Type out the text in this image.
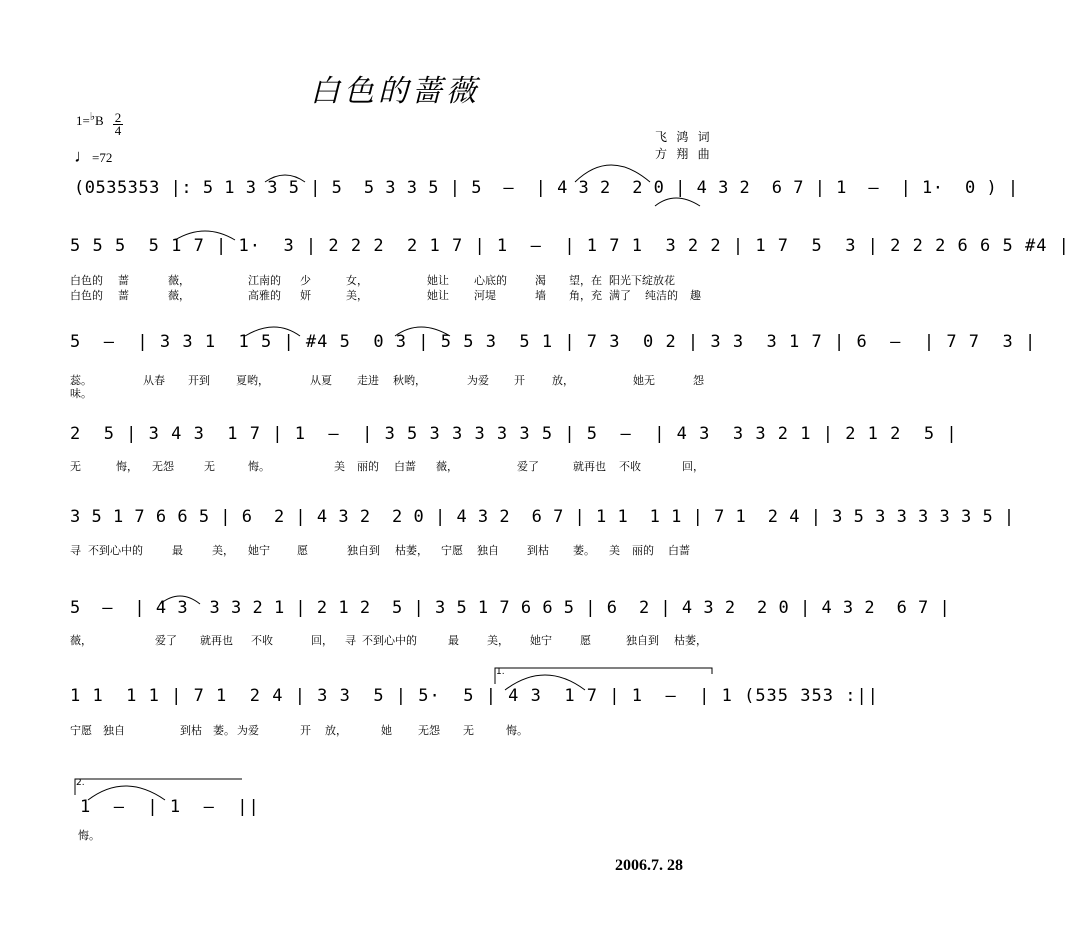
白色的蔷薇
$1=^♭B \frac{2}{4}$
♩=72
飞 鸿 词
方 翔 曲

(0535353 |: 5 1 3 3 5 | 5  5 3 3 5 | 5  –  | 4 3 2  2 0 | 4 3 2  6 7 | 1  –  | 1·  0 ) |

5 5 5  5 1 7 | 1·  3 | 2 2 2  2 1 7 | 1  –  | 1 7 1  3 2 2 | 1 7  5  3 | 2 2 2 6 6 5 #4 |

白色的

蔷

	薇，

	江南的

少

	女，

	她让

心底的

	渴

望，在

阳光下绽放花

白色的

蔷

	薇，

	高雅的

妍

	美，

	她让

河堤

	墙

角，充

满了

纯洁的

趣

5  –  | 3 3 1  1 5 | #4 5  0 3 | 5 5 3  5 1 | 7 3  0 2 | 3 3  3 1 7 | 6  –  | 7 7  3 |

蕊。

	从春

开到

夏哟，

	从夏

走进

秋哟，

	为爱

开

放，

	她无

	怨

味。

2  5 | 3 4 3  1 7 | 1  –  | 3 5 3 3 3 3 3 5 | 5  –  | 4 3  3 3 2 1 | 2 1 2  5 |

无

	悔，

无怨

	无

	悔。

	美

丽的

白蔷

薇，

	爱了

	就再也

不收

	回，

3 5 1 7 6 6 5 | 6  2 | 4 3 2  2 0 | 4 3 2  6 7 | 1 1  1 1 | 7 1  2 4 | 3 5 3 3 3 3 3 5 |

寻

不到心中的

	最

	美，

她宁

愿

	独自到

枯萎，

宁愿

独自

	到枯

萎。

美

丽的

白蔷

5  –  | 4 3  3 3 2 1 | 2 1 2  5 | 3 5 1 7 6 6 5 | 6  2 | 4 3 2  2 0 | 4 3 2  6 7 |

薇，

	爱了

就再也

不收

	回，

寻

不到心中的

	最

	美，

她宁

	愿

	独自到

枯萎，

1 1  1 1 | 7 1  2 4 | 3 3  5 | 5·  5 | 4 3  1 7 | 1  –  | 1 (535 353 :||

1.

宁愿

独自

	到枯

萎。

为爱

	开

放，

	她

无怨

无

	悔。

1  –  | 1  –  ||

2.

悔。

2006.7. 28
